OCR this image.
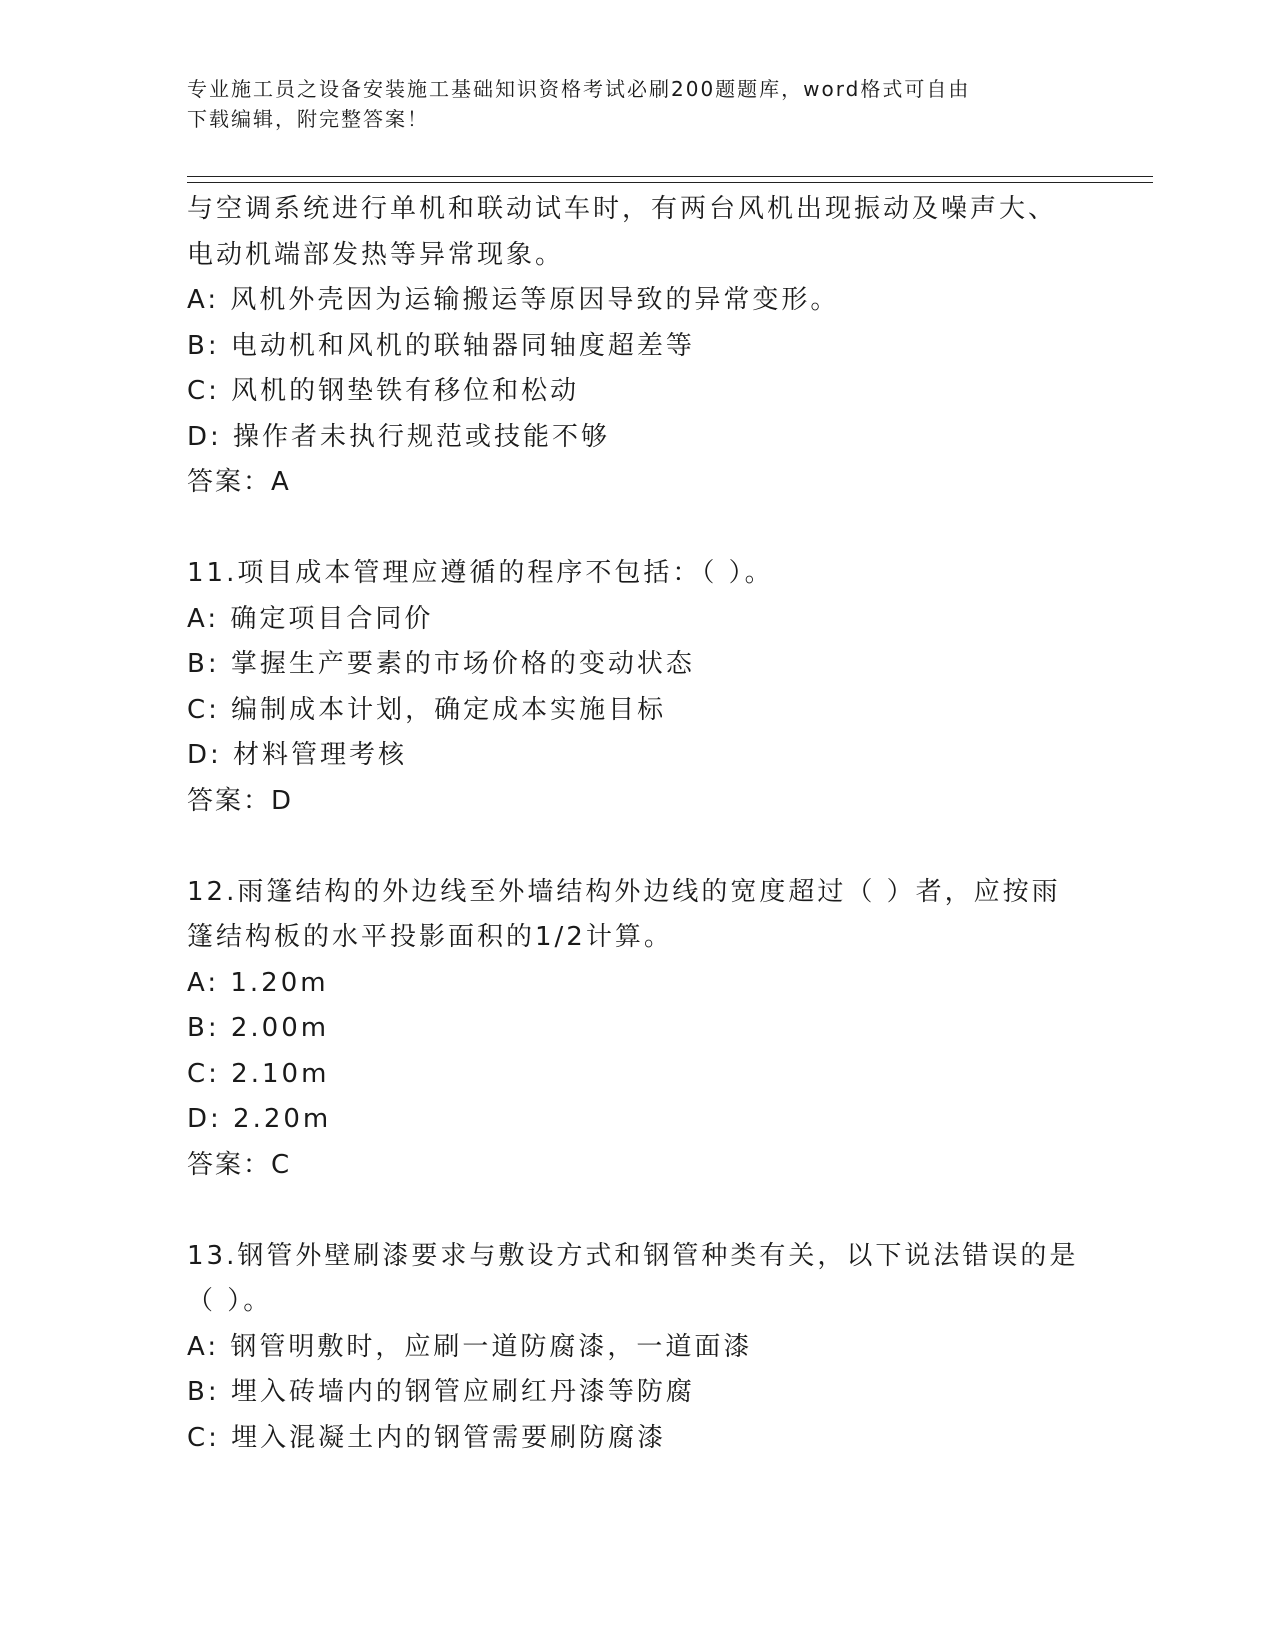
专业施工员之设备安装施工基础知识资格考试必刷200题题库，word格式可自由
下载编辑，附完整答案！
与空调系统进行单机和联动试车时，有两台风机出现振动及噪声大、
电动机端部发热等异常现象。
A: 风机外壳因为运输搬运等原因导致的异常变形。
B: 电动机和风机的联轴器同轴度超差等
C: 风机的钢垫铁有移位和松动
D: 操作者未执行规范或技能不够
答案：A
11.项目成本管理应遵循的程序不包括：（ ）。
A: 确定项目合同价
B: 掌握生产要素的市场价格的变动状态
C: 编制成本计划，确定成本实施目标
D: 材料管理考核
答案：D
12.雨篷结构的外边线至外墙结构外边线的宽度超过（ ）者，应按雨
篷结构板的水平投影面积的1/2计算。
A: 1.20m
B: 2.00m
C: 2.10m
D: 2.20m
答案：C
13.钢管外壁刷漆要求与敷设方式和钢管种类有关，以下说法错误的是
（ ）。
A: 钢管明敷时，应刷一道防腐漆，一道面漆
B: 埋入砖墙内的钢管应刷红丹漆等防腐
C: 埋入混凝土内的钢管需要刷防腐漆
